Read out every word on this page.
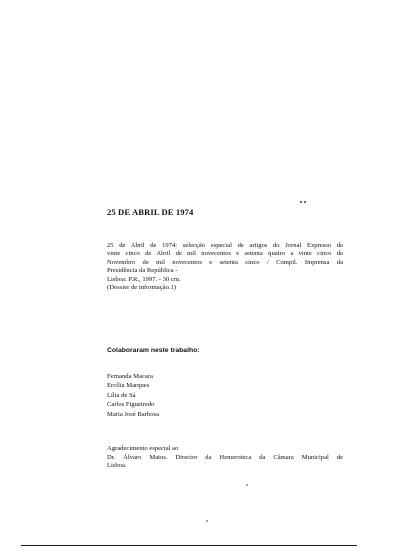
25 DE ABRIL DE 1974
25 de Abril de 1974: selecção especial de artigos do Jornal Expresso de
vinte cinco de Abril de mil novecentos e setenta quatro a vinte cinco de
Novembro de mil novecentos e setenta cinco / Compil. Imprensa da
Presidência da República -
Lisboa: P.R., 1997. - 30 cm.
(Dossier de informação.1)
Colaboraram neste trabalho:
Fernanda Macara
Ercília Marques
Lília de Sá
Carlos Figueiredo
Maria José Barbosa
Agradecimento especial ao
Dr. Álvaro Matos. Director da Hemeroteca da Câmara Municipal de
Lisboa.
